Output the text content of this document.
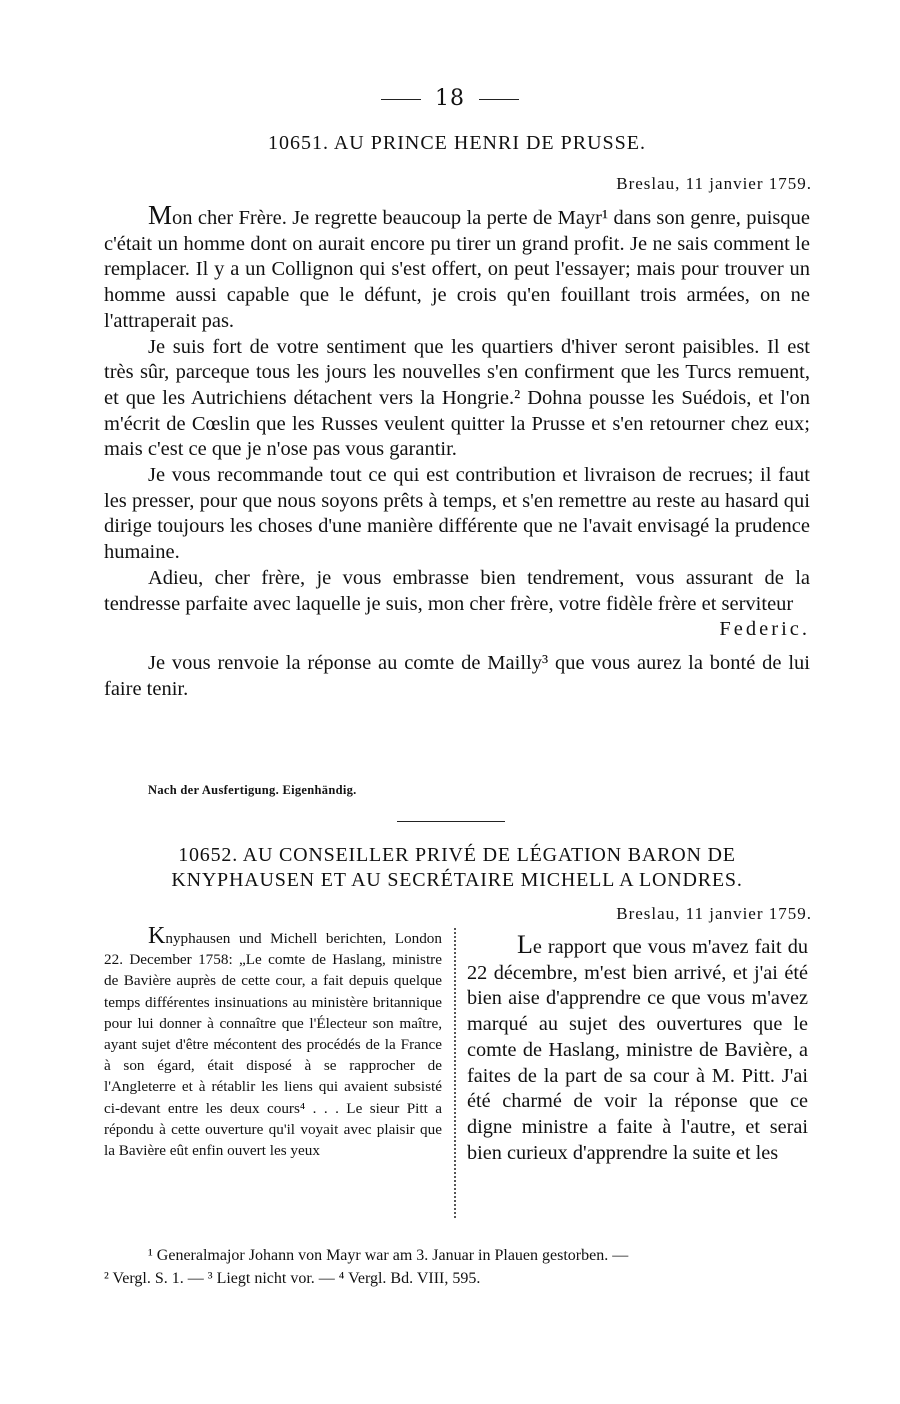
18
10651. AU PRINCE HENRI DE PRUSSE.
Breslau, 11 janvier 1759.

Mon cher Frère. Je regrette beaucoup la perte de Mayr¹ dans son genre, puisque c'était un homme dont on aurait encore pu tirer un grand profit. Je ne sais comment le remplacer. Il y a un Collignon qui s'est offert, on peut l'essayer; mais pour trouver un homme aussi capable que le défunt, je crois qu'en fouillant trois armées, on ne l'attraperait pas.

Je suis fort de votre sentiment que les quartiers d'hiver seront paisibles. Il est très sûr, parceque tous les jours les nouvelles s'en confirment que les Turcs remuent, et que les Autrichiens détachent vers la Hongrie.² Dohna pousse les Suédois, et l'on m'écrit de Cœslin que les Russes veulent quitter la Prusse et s'en retourner chez eux; mais c'est ce que je n'ose pas vous garantir.

Je vous recommande tout ce qui est contribution et livraison de recrues; il faut les presser, pour que nous soyons prêts à temps, et s'en remettre au reste au hasard qui dirige toujours les choses d'une manière différente que ne l'avait envisagé la prudence humaine.

Adieu, cher frère, je vous embrasse bien tendrement, vous assurant de la tendresse parfaite avec laquelle je suis, mon cher frère, votre fidèle frère et serviteur

Federic.

Je vous renvoie la réponse au comte de Mailly³ que vous aurez la bonté de lui faire tenir.

Nach der Ausfertigung. Eigenhändig.
10652. AU CONSEILLER PRIVÉ DE LÉGATION BARON DE
KNYPHAUSEN ET AU SECRÉTAIRE MICHELL A LONDRES.
Breslau, 11 janvier 1759.

Knyphausen und Michell berichten, London 22. December 1758: „Le comte de Haslang, ministre de Bavière auprès de cette cour, a fait depuis quelque temps différentes insinuations au ministère britannique pour lui donner à connaître que l'Électeur son maître, ayant sujet d'être mécontent des procédés de la France à son égard, était disposé à se rapprocher de l'Angleterre et à rétablir les liens qui avaient subsisté ci-devant entre les deux cours⁴ . . . Le sieur Pitt a répondu à cette ouverture qu'il voyait avec plaisir que la Bavière eût enfin ouvert les yeux

Le rapport que vous m'avez fait du 22 décembre, m'est bien arrivé, et j'ai été bien aise d'apprendre ce que vous m'avez marqué au sujet des ouvertures que le comte de Haslang, ministre de Bavière, a faites de la part de sa cour à M. Pitt. J'ai été charmé de voir la réponse que ce digne ministre a faite à l'autre, et serai bien curieux d'apprendre la suite et les

¹ Generalmajor Johann von Mayr war am 3. Januar in Plauen gestorben. —

² Vergl. S. 1. — ³ Liegt nicht vor. — ⁴ Vergl. Bd. VIII, 595.
